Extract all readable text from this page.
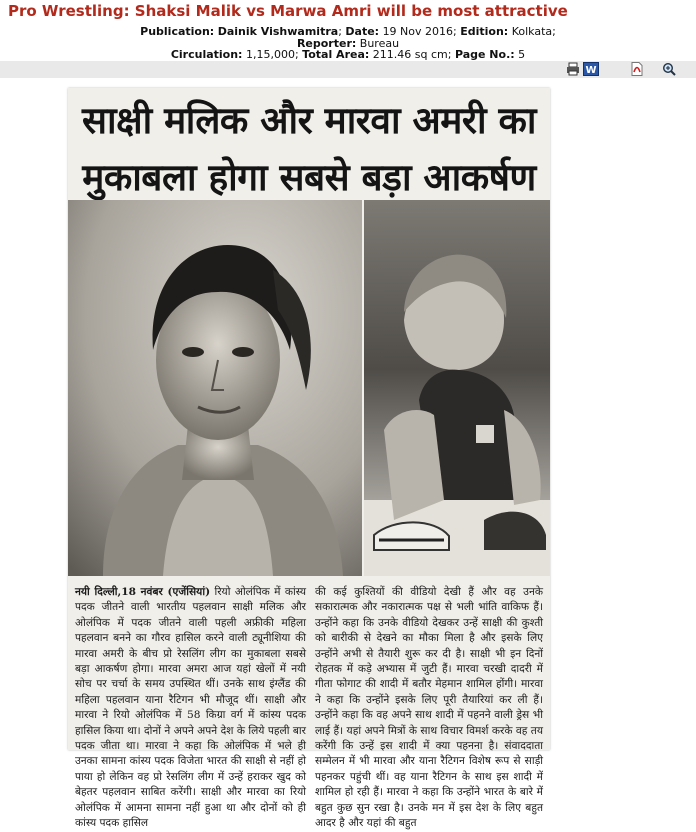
Pro Wrestling: Shaksi Malik vs Marwa Amri will be most attractive
Publication: Dainik Vishwamitra; Date: 19 Nov 2016; Edition: Kolkata;
Reporter: Bureau
Circulation: 1,15,000; Total Area: 211.46 sq cm; Page No.: 5
W
साक्षी मलिक और मारवा अमरी का
मुकाबला होगा सबसे बड़ा आकर्षण

नयी दिल्ली,18 नवंबर (एजेंसियां) रियो ओलंपिक में कांस्य पदक जीतने वाली भारतीय पहलवान साक्षी मलिक और ओलंपिक में पदक जीतने वाली पहली अफ्रीकी महिला पहलवान बनने का गौरव हासिल करने वाली ट्यूनीशिया की मारवा अमरी के बीच प्रो रेसलिंग लीग का मुकाबला सबसे बड़ा आकर्षण होगा। मारवा अमरा आज यहां खेलों में नयी सोच पर चर्चा के समय उपस्थित थीं। उनके साथ इंग्लैंड की महिला पहलवान याना रैटिगन भी मौजूद थीं। साक्षी और मारवा ने रियो ओलंपिक में 58 किग्रा वर्ग में कांस्य पदक हासिल किया था। दोनों ने अपने अपने देश के लिये पहली बार पदक जीता था। मारवा ने कहा कि ओलंपिक में भले ही उनका सामना कांस्य पदक विजेता भारत की साक्षी से नहीं हो पाया हो लेकिन वह प्रो रेसलिंग लीग में उन्हें हराकर खुद को बेहतर पहलवान साबित करेंगी। साक्षी और मारवा का रियो ओलंपिक में आमना सामना नहीं हुआ था और दोनों को ही कांस्य पदक हासिल

की कई कुश्तियों की वीडियो देखी हैं और वह उनके सकारात्मक और नकारात्मक पक्ष से भली भांति वाकिफ हैं। उन्होंने कहा कि उनके वीडियो देखकर उन्हें साक्षी की कुश्ती को बारीकी से देखने का मौका मिला है और इसके लिए उन्होंने अभी से तैयारी शुरू कर दी है। साक्षी भी इन दिनों रोहतक में कड़े अभ्यास में जुटी हैं। मारवा चरखी दादरी में गीता फोगाट की शादी में बतौर मेहमान शामिल होंगी। मारवा ने कहा कि उन्होंने इसके लिए पूरी तैयारियां कर ली हैं। उन्होंने कहा कि वह अपने साथ शादी में पहनने वाली ड्रेस भी लाई हैं। यहां अपने मित्रों के साथ विचार विमर्श करके वह तय करेंगी कि उन्हें इस शादी में क्या पहनना है। संवाददाता सम्मेलन में भी मारवा और याना रैटिगन विशेष रूप से साड़ी पहनकर पहुंची थीं। वह याना रैटिगन के साथ इस शादी में शामिल हो रही हैं। मारवा ने कहा कि उन्होंने भारत के बारे में बहुत कुछ सुन रखा है। उनके मन में इस देश के लिए बहुत आदर है और यहां की बहुत
